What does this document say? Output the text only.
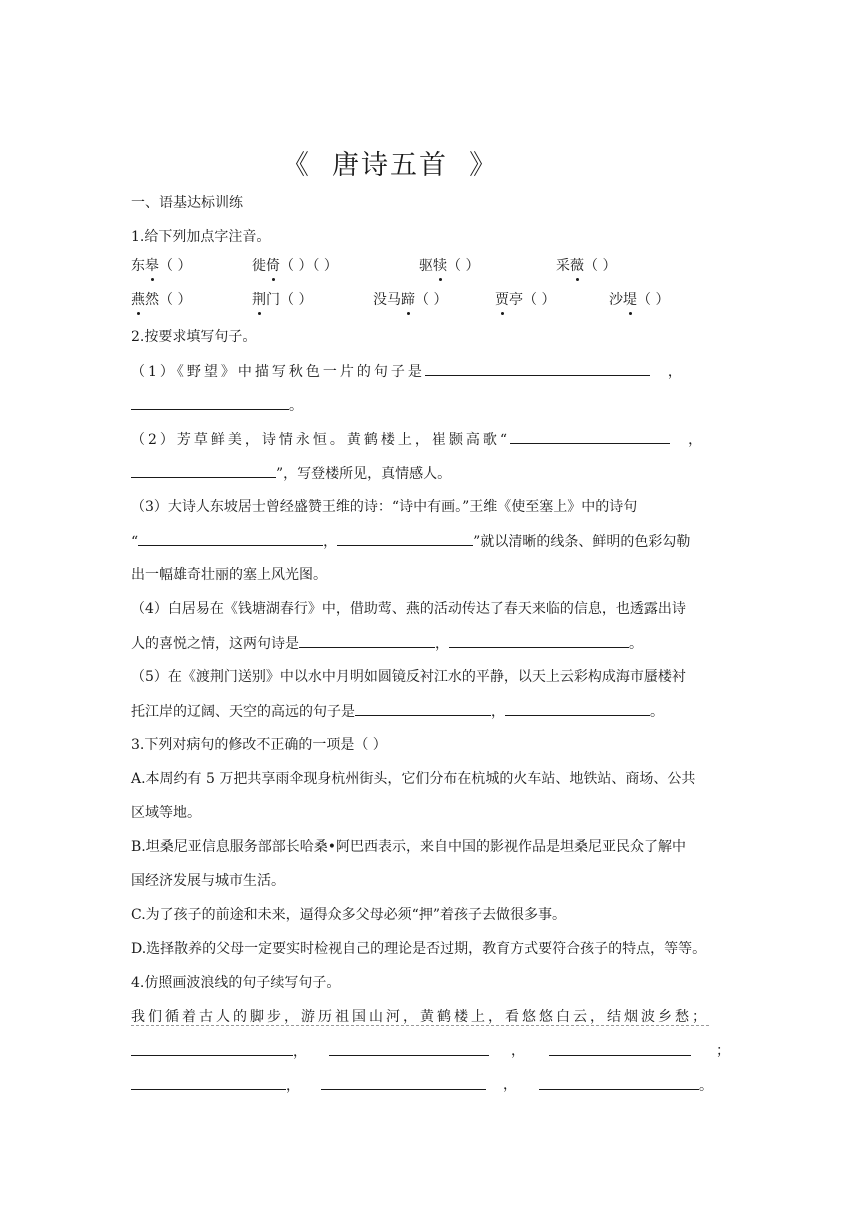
《  唐诗五首  》
一、语基达标训练
1.给下列加点字注音。
东皋（ ）	徙倚（ ）（ ）	驱犊（ ）	采薇（ ）
燕然（ ）	荆门（ ）	没马蹄（ ）	贾亭（ ）	沙堤（ ）
2.按要求填写句子。
（1）《野望》中描写秋色一片的句子是	，
。
（2）芳草鲜美，诗情永恒。黄鹤楼上，崔颢高歌“	，
”，写登楼所见，真情感人。
（3）大诗人东坡居士曾经盛赞王维的诗：“诗中有画。”王维《使至塞上》中的诗句
“	，	”就以清晰的线条、鲜明的色彩勾勒
出一幅雄奇壮丽的塞上风光图。
（4）白居易在《钱塘湖春行》中，借助莺、燕的活动传达了春天来临的信息，也透露出诗
人的喜悦之情，这两句诗是	，	。
（5）在《渡荆门送别》中以水中月明如圆镜反衬江水的平静，以天上云彩构成海市蜃楼衬
托江岸的辽阔、天空的高远的句子是	，	。
3.下列对病句的修改不正确的一项是（ ）
A.本周约有 5 万把共享雨伞现身杭州街头，它们分布在杭城的火车站、地铁站、商场、公共
区域等地。
B.坦桑尼亚信息服务部部长哈桑•阿巴西表示，来自中国的影视作品是坦桑尼亚民众了解中
国经济发展与城市生活。
C.为了孩子的前途和未来，逼得众多父母必须“押”着孩子去做很多事。
D.选择散养的父母一定要实时检视自己的理论是否过期，教育方式要符合孩子的特点，等等。
4.仿照画波浪线的句子续写句子。
我们循着古人的脚步，游历祖国山河，黄鹤楼上，看悠悠白云，结烟波乡愁；
，	，	；
，	，	。
